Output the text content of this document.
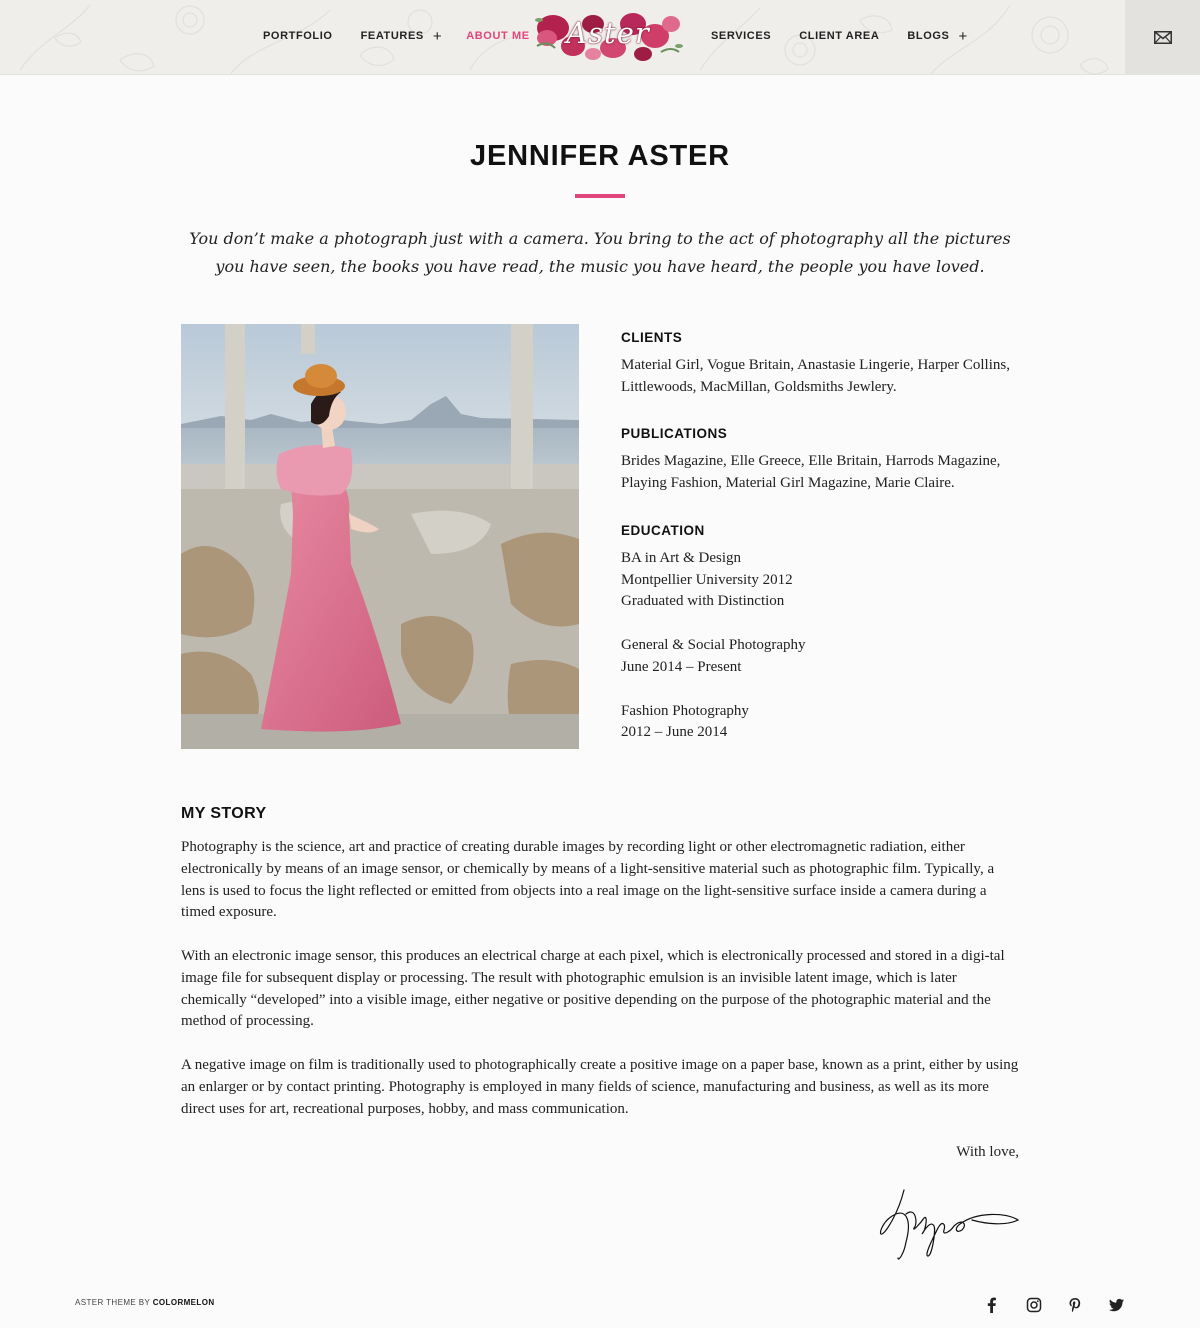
PORTFOLIO	FEATURES + ABOUT ME	Aster	SERVICES	CLIENT AREA	BLOGS +
JENNIFER ASTER

You don’t make a photograph just with a camera. You bring to the act of photography all the pictures you have seen, the books you have read, the music you have heard, the people you have loved.

CLIENTS

Material Girl, Vogue Britain, Anastasie Lingerie, Harper Collins,
Littlewoods, MacMillan, Goldsmiths Jewlery.

PUBLICATIONS

Brides Magazine, Elle Greece, Elle Britain, Harrods Magazine,
Playing Fashion, Material Girl Magazine, Marie Claire.

EDUCATION

BA in Art & Design
Montpellier University 2012
Graduated with Distinction

General & Social Photography
June 2014 – Present

Fashion Photography
2012 – June 2014

MY STORY

Photography is the science, art and practice of creating durable images by recording light or other electromagnetic radiation, either electronically by means of an image sensor, or chemically by means of a light-sensitive material such as photographic film. Typically, a lens is used to focus the light reflected or emitted from objects into a real image on the light-sensitive surface inside a camera during a timed exposure.

With an electronic image sensor, this produces an electrical charge at each pixel, which is electronically processed and stored in a digi-tal image file for subsequent display or processing. The result with photographic emulsion is an invisible latent image, which is later chemically “developed” into a visible image, either negative or positive depending on the purpose of the photographic material and the method of processing.

A negative image on film is traditionally used to photographically create a positive image on a paper base, known as a print, either by using an enlarger or by contact printing. Photography is employed in many fields of science, manufacturing and business, as well as its more direct uses for art, recreational purposes, hobby, and mass communication.

With love,
ASTER THEME BY COLORMELON
